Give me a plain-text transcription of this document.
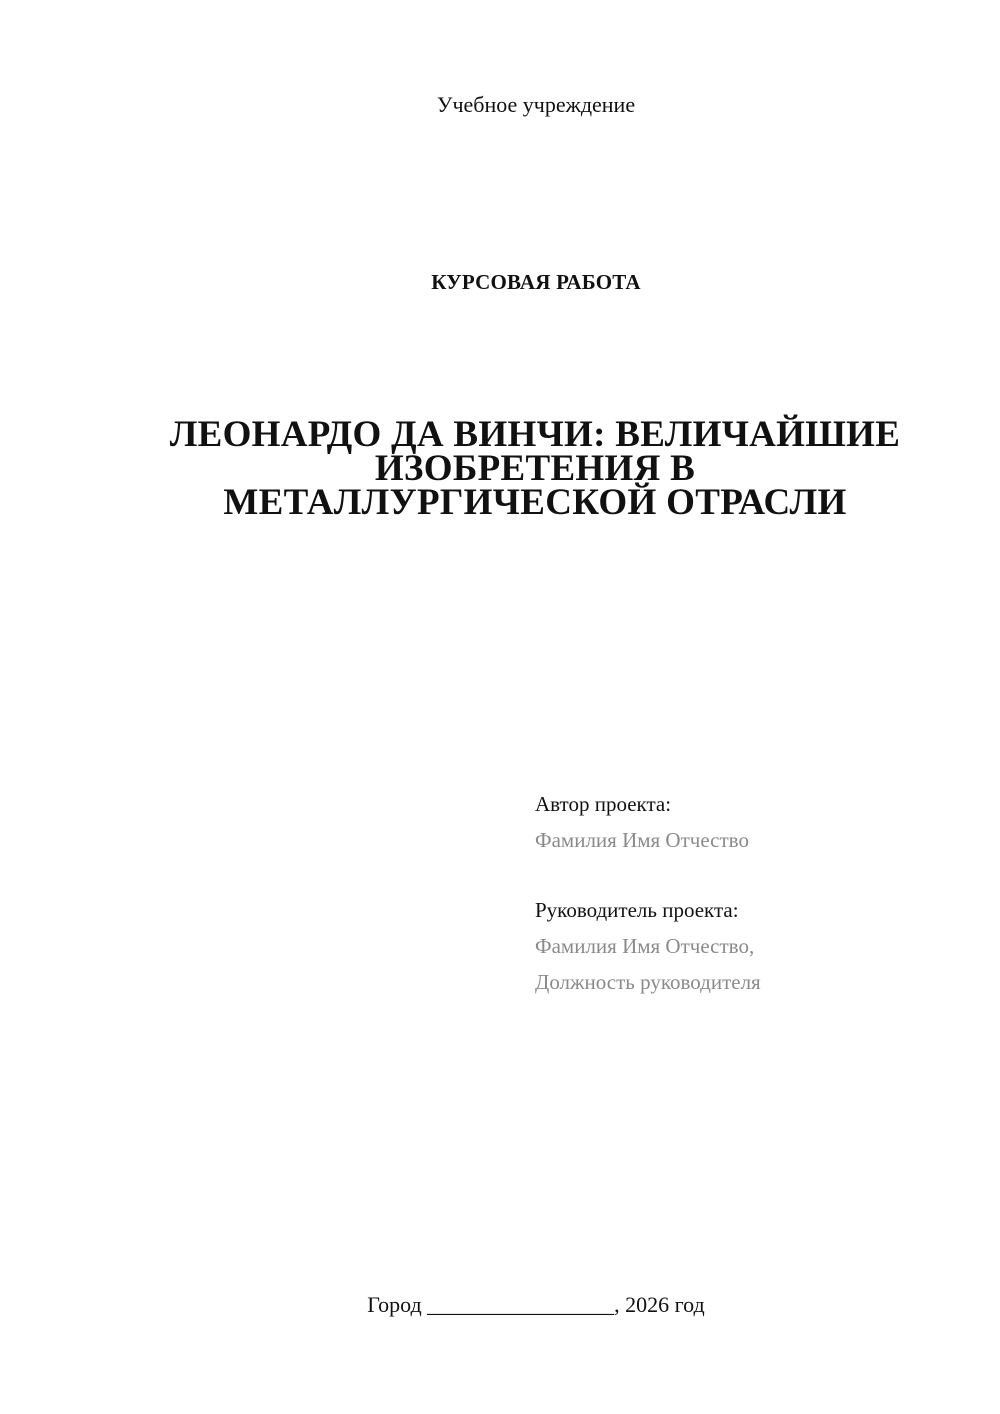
Учебное учреждение
КУРСОВАЯ РАБОТА
ЛЕОНАРДО ДА ВИНЧИ: ВЕЛИЧАЙШИЕ
ИЗОБРЕТЕНИЯ В
МЕТАЛЛУРГИЧЕСКОЙ ОТРАСЛИ
Автор проекта:
Фамилия Имя Отчество
Руководитель проекта:
Фамилия Имя Отчество,
Должность руководителя
Город _________________, 2026 год
